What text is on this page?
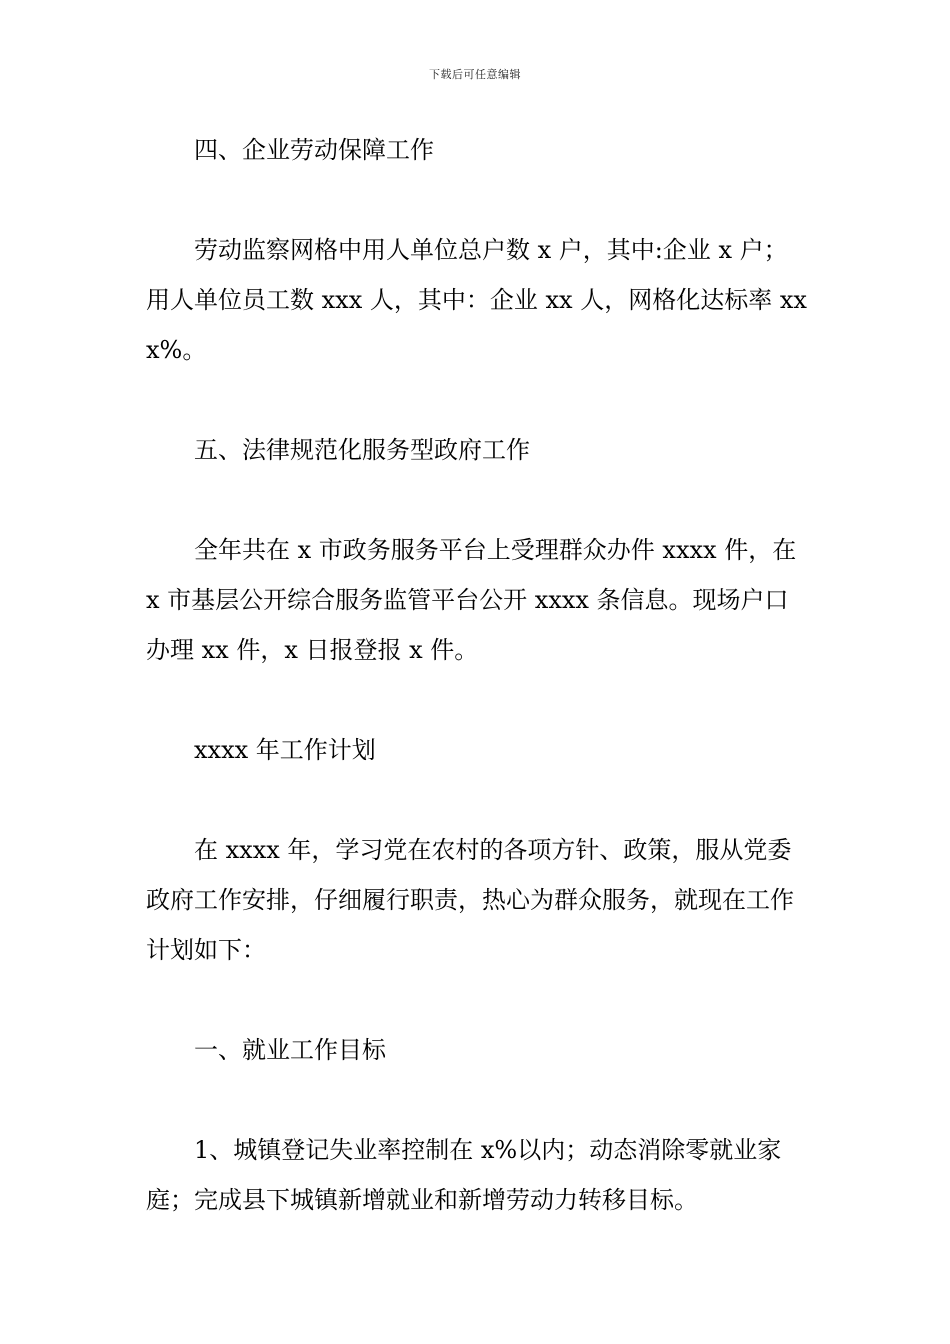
下载后可任意编辑

四、企业劳动保障工作

劳动监察网格中用人单位总户数 x 户，其中:企业 x 户；用人单位员工数 xxx 人，其中：企业 xx 人，网格化达标率 xxx%。

五、法律规范化服务型政府工作

全年共在 x 市政务服务平台上受理群众办件 xxxx 件，在 x 市基层公开综合服务监管平台公开 xxxx 条信息。现场户口办理 xx 件，x 日报登报 x 件。

xxxx 年工作计划

在 xxxx 年，学习党在农村的各项方针、政策，服从党委政府工作安排，仔细履行职责，热心为群众服务，就现在工作计划如下：

一、就业工作目标

1、城镇登记失业率控制在 x%以内；动态消除零就业家庭；完成县下城镇新增就业和新增劳动力转移目标。
